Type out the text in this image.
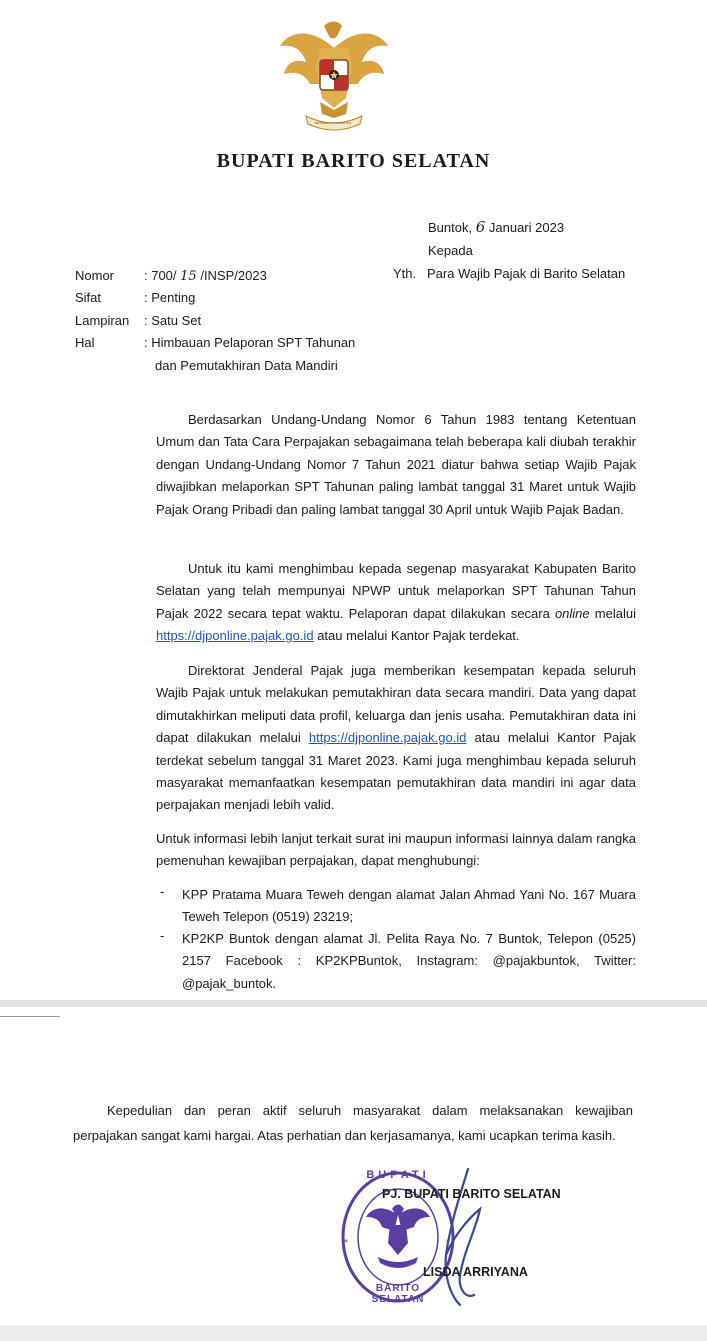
BHINNEKA TUNGGAL IKA
BUPATI BARITO SELATAN
Buntok, 6 Januari 2023
Kepada
Yth. Para Wajib Pajak di Barito Selatan
Nomor : 700/ 15 /INSP/2023
Sifat	: Penting
Lampiran : Satu Set
Hal	: Himbauan Pelaporan SPT Tahunan
dan Pemutakhiran Data Mandiri
Berdasarkan Undang-Undang Nomor 6 Tahun 1983 tentang Ketentuan Umum dan Tata Cara Perpajakan sebagaimana telah beberapa kali diubah terakhir dengan Undang-Undang Nomor 7 Tahun 2021 diatur bahwa setiap Wajib Pajak diwajibkan melaporkan SPT Tahunan paling lambat tanggal 31 Maret untuk Wajib Pajak Orang Pribadi dan paling lambat tanggal 30 April untuk Wajib Pajak Badan.
Untuk itu kami menghimbau kepada segenap masyarakat Kabupaten Barito Selatan yang telah mempunyai NPWP untuk melaporkan SPT Tahunan Tahun Pajak 2022 secara tepat waktu. Pelaporan dapat dilakukan secara online melalui https://djponline.pajak.go.id atau melalui Kantor Pajak terdekat.
Direktorat Jenderal Pajak juga memberikan kesempatan kepada seluruh Wajib Pajak untuk melakukan pemutakhiran data secara mandiri. Data yang dapat dimutakhirkan meliputi data profil, keluarga dan jenis usaha. Pemutakhiran data ini dapat dilakukan melalui https://djponline.pajak.go.id atau melalui Kantor Pajak terdekat sebelum tanggal 31 Maret 2023. Kami juga menghimbau kepada seluruh masyarakat memanfaatkan kesempatan pemutakhiran data mandiri ini agar data perpajakan menjadi lebih valid.
Untuk informasi lebih lanjut terkait surat ini maupun informasi lainnya dalam rangka pemenuhan kewajiban perpajakan, dapat menghubungi:
- KPP Pratama Muara Teweh dengan alamat Jalan Ahmad Yani No. 167 Muara Teweh Telepon (0519) 23219;
- KP2KP Buntok dengan alamat Jl. Pelita Raya No. 7 Buntok, Telepon (0525) 2157 Facebook : KP2KPBuntok, Instagram: @pajakbuntok, Twitter: @pajak_buntok.
Kepedulian dan peran aktif seluruh masyarakat dalam melaksanakan kewajiban perpajakan sangat kami hargai. Atas perhatian dan kerjasamanya, kami ucapkan terima kasih.
*	*
BUPATI
BARITO SELATAN
PJ. BUPATI BARITO SELATAN
LISDA ARRIYANA
